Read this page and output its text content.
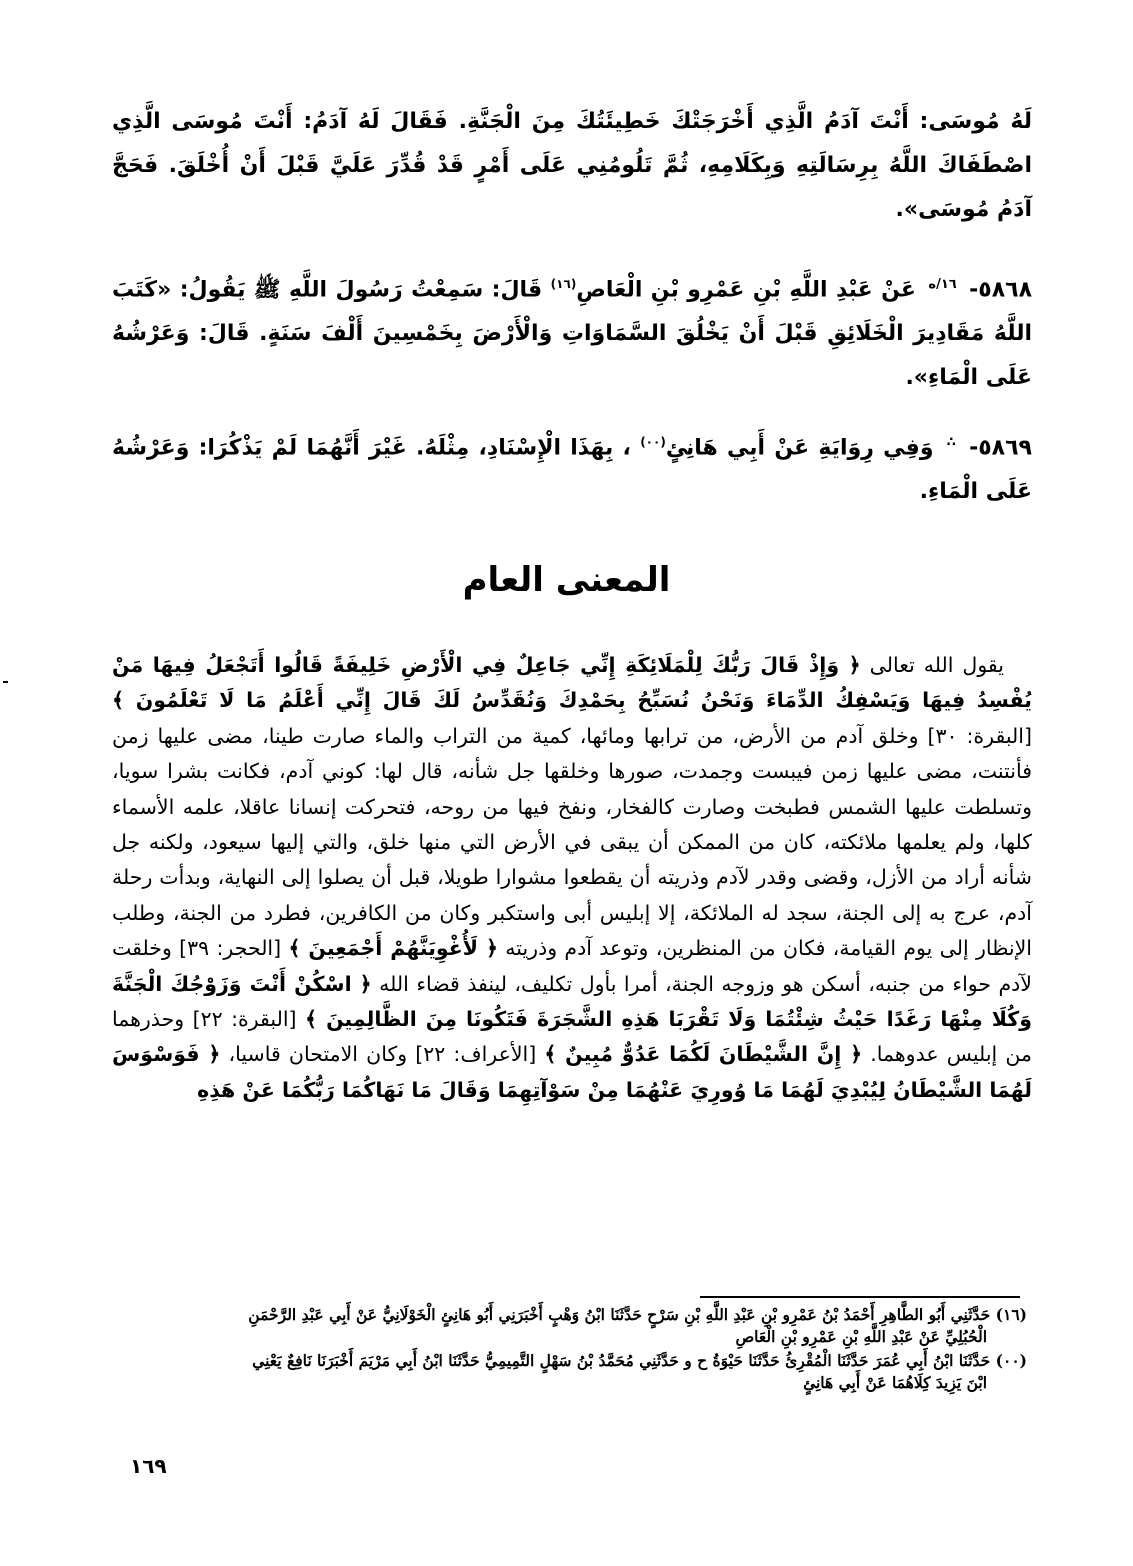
لَهُ مُوسَى: أَنْتَ آدَمُ الَّذِي أَخْرَجَتْكَ خَطِيئَتُكَ مِنَ الْجَنَّةِ. فَقَالَ لَهُ آدَمُ: أَنْتَ مُوسَى الَّذِي اصْطَفَاكَ اللَّهُ بِرِسَالَتِهِ وَبِكَلَامِهِ، ثُمَّ تَلُومُنِي عَلَى أَمْرٍ قَدْ قُدِّرَ عَلَيَّ قَبْلَ أَنْ أُخْلَقَ. فَحَجَّ آدَمُ مُوسَى».
٥٨٦٨- $^{١٦/ه}$ عَنْ عَبْدِ اللَّهِ بْنِ عَمْرِو بْنِ الْعَاصِ$^{(١٦)}$ قَالَ: سَمِعْتُ رَسُولَ اللَّهِ ﷺ يَقُولُ: «كَتَبَ اللَّهُ مَقَادِيرَ الْخَلَائِقِ قَبْلَ أَنْ يَخْلُقَ السَّمَاوَاتِ وَالْأَرْضَ بِخَمْسِينَ أَلْفَ سَنَةٍ. قَالَ: وَعَرْشُهُ عَلَى الْمَاءِ».
٥٨٦٩- ∴ وَفِي رِوَايَةِ عَنْ أَبِي هَانِئٍ$^{(٠٠)}$ ، بِهَذَا الْإِسْنَادِ، مِثْلَهُ. غَيْرَ أَنَّهُمَا لَمْ يَذْكُرَا: وَعَرْشُهُ عَلَى الْمَاءِ.
المعنى العام
يقول الله تعالى ﴿ وَإِذْ قَالَ رَبُّكَ لِلْمَلَائِكَةِ إِنِّي جَاعِلٌ فِي الْأَرْضِ خَلِيفَةً قَالُوا أَتَجْعَلُ فِيهَا مَنْ يُفْسِدُ فِيهَا وَيَسْفِكُ الدِّمَاءَ وَنَحْنُ نُسَبِّحُ بِحَمْدِكَ وَنُقَدِّسُ لَكَ قَالَ إِنِّي أَعْلَمُ مَا لَا تَعْلَمُونَ ﴾ [البقرة: ٣٠] وخلق آدم من الأرض، من ترابها ومائها، كمية من التراب والماء صارت طينا، مضى عليها زمن فأنتنت، مضى عليها زمن فيبست وجمدت، صورها وخلقها جل شأنه، قال لها: كوني آدم، فكانت بشرا سويا، وتسلطت عليها الشمس فطبخت وصارت كالفخار، ونفخ فيها من روحه، فتحركت إنسانا عاقلا، علمه الأسماء كلها، ولم يعلمها ملائكته، كان من الممكن أن يبقى في الأرض التي منها خلق، والتي إليها سيعود، ولكنه جل شأنه أراد من الأزل، وقضى وقدر لآدم وذريته أن يقطعوا مشوارا طويلا، قبل أن يصلوا إلى النهاية، وبدأت رحلة آدم، عرج به إلى الجنة، سجد له الملائكة، إلا إبليس أبى واستكبر وكان من الكافرين، فطرد من الجنة، وطلب الإنظار إلى يوم القيامة، فكان من المنظرين، وتوعد آدم وذريته ﴿ لَأُغْوِيَنَّهُمْ أَجْمَعِينَ ﴾ [الحجر: ٣٩] وخلقت لآدم حواء من جنبه، أسكن هو وزوجه الجنة، أمرا بأول تكليف، لينفذ قضاء الله ﴿ اسْكُنْ أَنْتَ وَزَوْجُكَ الْجَنَّةَ وَكُلَا مِنْهَا رَغَدًا حَيْثُ شِئْتُمَا وَلَا تَقْرَبَا هَذِهِ الشَّجَرَةَ فَتَكُونَا مِنَ الظَّالِمِينَ ﴾ [البقرة: ٢٢] وحذرهما من إبليس عدوهما. ﴿ إِنَّ الشَّيْطَانَ لَكُمَا عَدُوٌّ مُبِينٌ ﴾ [الأعراف: ٢٢] وكان الامتحان قاسيا، ﴿ فَوَسْوَسَ لَهُمَا الشَّيْطَانُ لِيُبْدِيَ لَهُمَا مَا وُورِيَ عَنْهُمَا مِنْ سَوْآتِهِمَا وَقَالَ مَا نَهَاكُمَا رَبُّكُمَا عَنْ هَذِهِ
(١٦) حَدَّثَنِي أَبُو الطَّاهِرِ أَحْمَدُ بْنُ عَمْرِو بْنِ عَبْدِ اللَّهِ بْنِ سَرْحٍ حَدَّثَنَا ابْنُ وَهْبٍ أَخْبَرَنِي أَبُو هَانِئٍ الْخَوْلَانِيُّ عَنْ أَبِي عَبْدِ الرَّحْمَنِ
الْحُبُلِيِّ عَنْ عَبْدِ اللَّهِ بْنِ عَمْرِو بْنِ الْعَاصِ
(٠٠) حَدَّثَنَا ابْنُ أَبِي عُمَرَ حَدَّثَنَا الْمُقْرِئُ حَدَّثَنَا حَيْوَةُ ح و حَدَّثَنِي مُحَمَّدُ بْنُ سَهْلٍ التَّمِيمِيُّ حَدَّثَنَا ابْنُ أَبِي مَرْيَمَ أَخْبَرَنَا نَافِعٌ يَعْنِي
ابْنَ يَزِيدَ كِلَاهُمَا عَنْ أَبِي هَانِئٍ
١٦٩
